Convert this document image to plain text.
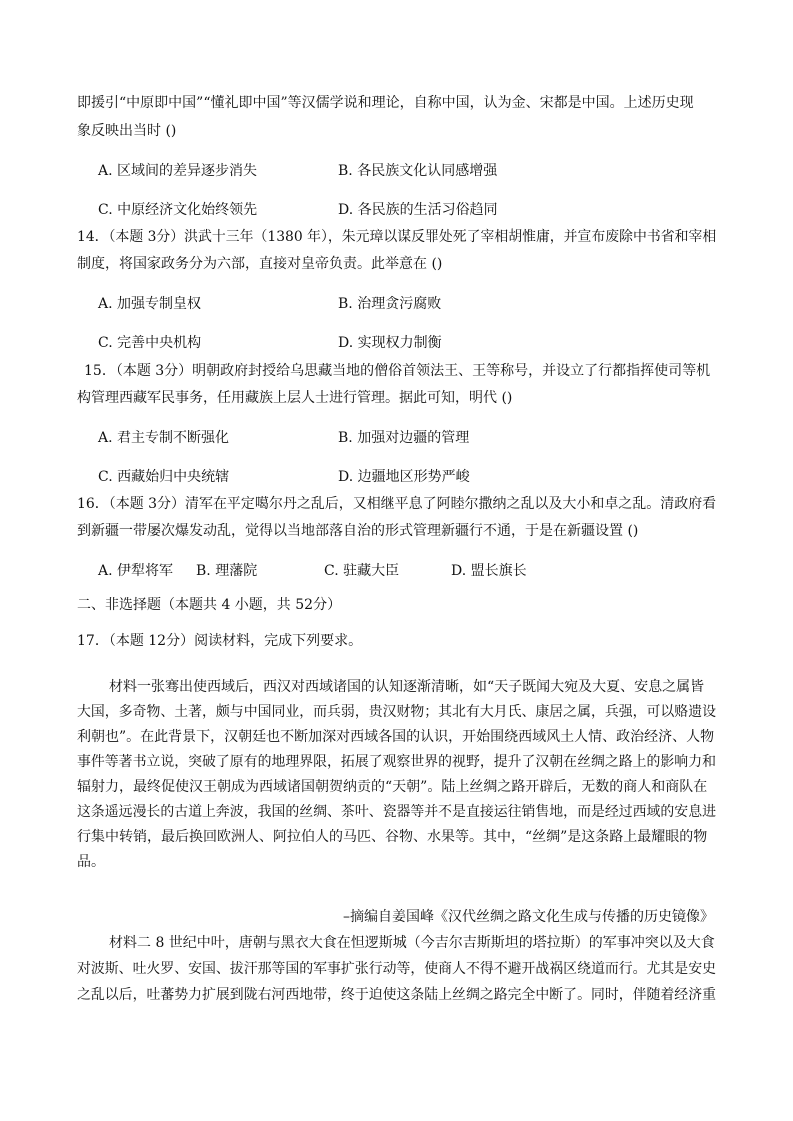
即援引“中原即中国”“懂礼即中国”等汉儒学说和理论，自称中国，认为金、宋都是中国。上述历史现
象反映出当时 ()
A. 区域间的差异逐步消失	B. 各民族文化认同感增强
C. 中原经济文化始终领先	D. 各民族的生活习俗趋同
14．（本题 3分）洪武十三年（1380 年），朱元璋以谋反罪处死了宰相胡惟庸，并宣布废除中书省和宰相
制度，将国家政务分为六部，直接对皇帝负责。此举意在 ()
A. 加强专制皇权	B. 治理贪污腐败
C. 完善中央机构	D. 实现权力制衡
15．（本题 3分）明朝政府封授给乌思藏当地的僧俗首领法王、王等称号，并设立了行都指挥使司等机
构管理西藏军民事务，任用藏族上层人士进行管理。据此可知，明代 ()
A. 君主专制不断强化	B. 加强对边疆的管理
C. 西藏始归中央统辖	D. 边疆地区形势严峻
16．（本题 3分）清军在平定噶尔丹之乱后，又相继平息了阿睦尔撒纳之乱以及大小和卓之乱。清政府看
到新疆一带屡次爆发动乱，觉得以当地部落自治的形式管理新疆行不通，于是在新疆设置 ()
A. 伊犁将军 B. 理藩院	C. 驻藏大臣	D. 盟长旗长
二、非选择题（本题共 4 小题，共 52分）
17．（本题 12分）阅读材料，完成下列要求。
材料一张骞出使西域后，西汉对西域诸国的认知逐渐清晰，如“天子既闻大宛及大夏、安息之属皆
大国，多奇物、土著，颇与中国同业，而兵弱，贵汉财物；其北有大月氏、康居之属，兵强，可以赂遗设
利朝也”。在此背景下，汉朝廷也不断加深对西域各国的认识，开始围绕西域风土人情、政治经济、人物
事件等著书立说，突破了原有的地理界限，拓展了观察世界的视野，提升了汉朝在丝绸之路上的影响力和
辐射力，最终促使汉王朝成为西域诸国朝贺纳贡的“天朝”。陆上丝绸之路开辟后，无数的商人和商队在
这条遥远漫长的古道上奔波，我国的丝绸、茶叶、瓷器等并不是直接运往销售地，而是经过西域的安息进
行集中转销，最后换回欧洲人、阿拉伯人的马匹、谷物、水果等。其中，“丝绸”是这条路上最耀眼的物
品。
–摘编自姜国峰《汉代丝绸之路文化生成与传播的历史镜像》
材料二 8 世纪中叶，唐朝与黑衣大食在怛逻斯城（今吉尔吉斯斯坦的塔拉斯）的军事冲突以及大食
对波斯、吐火罗、安国、拔汗那等国的军事扩张行动等，使商人不得不避开战祸区绕道而行。尤其是安史
之乱以后，吐蕃势力扩展到陇右河西地带，终于迫使这条陆上丝绸之路完全中断了。同时，伴随着经济重
